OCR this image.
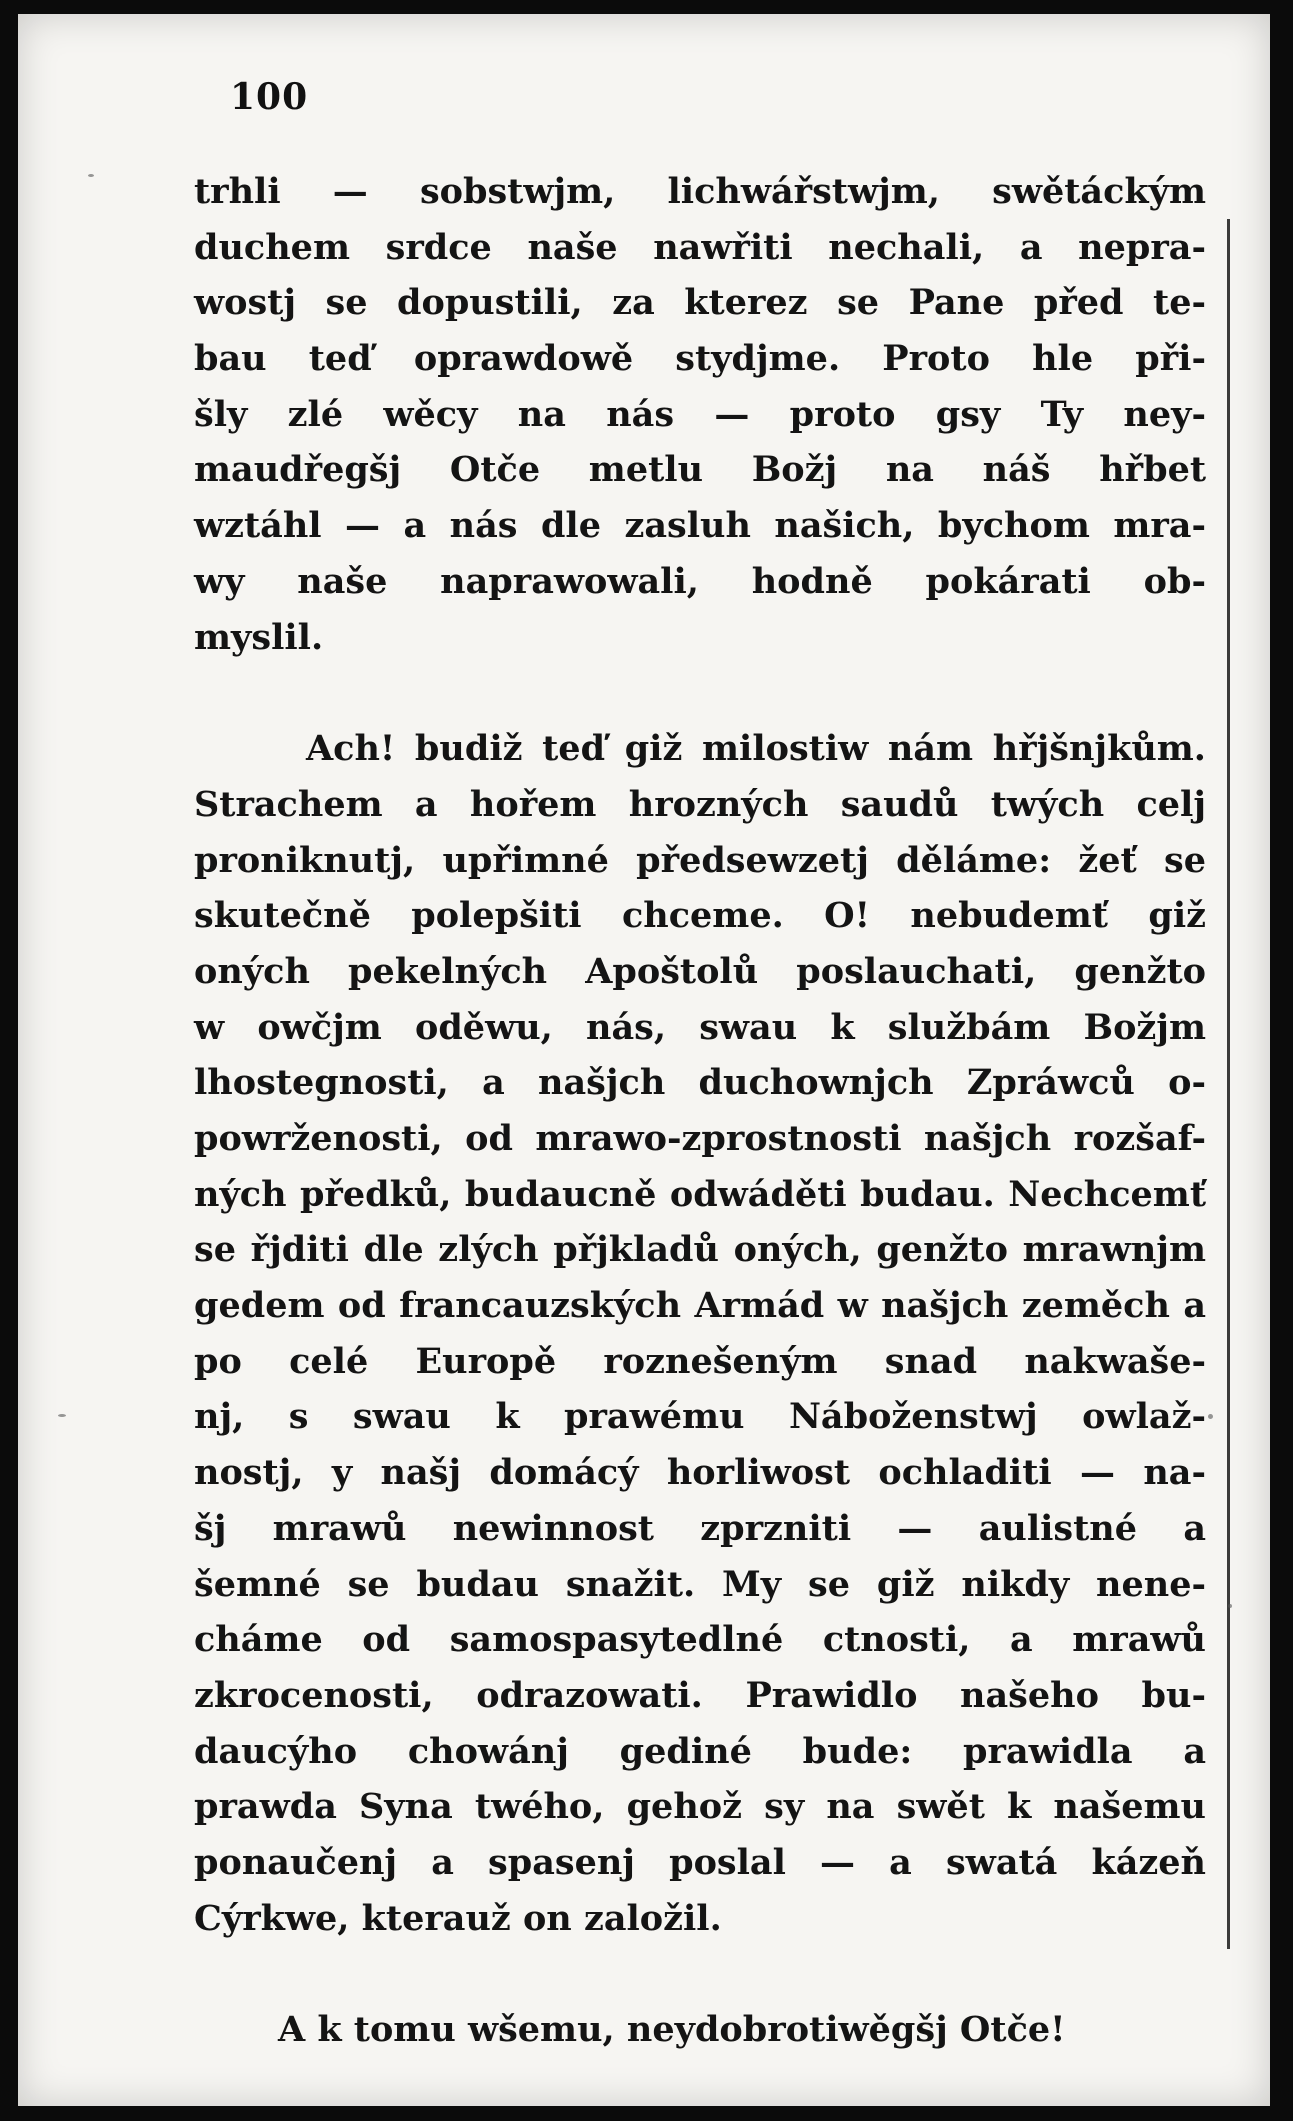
100
trhli — sobstwjm, lichwářstwjm, swětáckým
duchem srdce naše nawřiti nechali, a nepra-
wostj se dopustili, za kterez se Pane před te-
bau teď oprawdowě stydjme. Proto hle při-
šly zlé wěcy na nás — proto gsy Ty ney-
maudřegšj Otče metlu Božj na náš hřbet
wztáhl — a nás dle zasluh našich, bychom mra-
wy naše naprawowali, hodně pokárati ob-
myslil.
Ach! budiž teď giž milostiw nám hřjšnjkům.
Strachem a hořem hrozných saudů twých celj
proniknutj, upřimné předsewzetj děláme: žeť se
skutečně polepšiti chceme. O! nebudemť giž
oných pekelných Apoštolů poslauchati, genžto
w owčjm oděwu, nás, swau k službám Božjm
lhostegnosti, a našjch duchownjch Zpráwců o-
powrženosti, od mrawo-zprostnosti našjch rozšaf-
ných předků, budaucně odwáděti budau. Nechcemť
se řjditi dle zlých přjkladů oných, genžto mrawnjm
gedem od francauzských Armád w našjch zeměch a
po celé Europě roznešeným snad nakwaše-
nj, s swau k prawému Náboženstwj owlaž-
nostj, y našj domácý horliwost ochladiti — na-
šj mrawů newinnost zprzniti — aulistné a
šemné se budau snažit. My se giž nikdy nene-
cháme od samospasytedlné ctnosti, a mrawů
zkrocenosti, odrazowati. Prawidlo našeho bu-
daucýho chowánj gediné bude: prawidla a
prawda Syna twého, gehož sy na swět k našemu
ponaučenj a spasenj poslal — a swatá kázeň
Cýrkwe, kterauž on založil.
A k tomu wšemu, neydobrotiwěgšj Otče!
